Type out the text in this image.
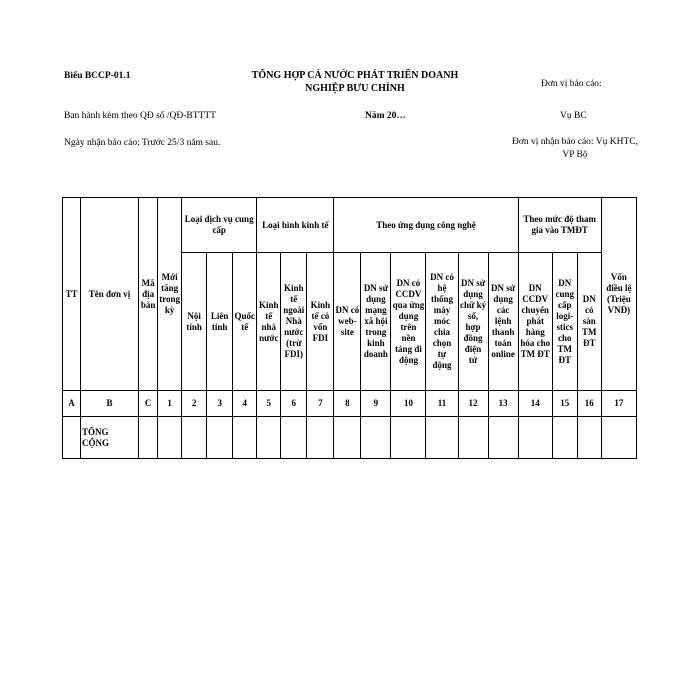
Biểu BCCP-01.1	TỔNG HỢP CẢ NƯỚC PHÁT TRIỂN DOANH NGHIỆP BƯU CHÍNH	Đơn vị báo cáo:
Ban hành kèm theo QĐ số /QĐ-BTTTT	Năm 20…	Vụ BC
Ngày nhận báo cáo: Trước 25/3 năm sau.	Đơn vị nhận báo cáo: Vụ KHTC, VP Bộ
TT	Tên đơn vị	Mã địa bàn	Mới tăng trong kỳ	Loại dịch vụ cung cấp			Loại hình kinh tế			Theo ứng dụng công nghệ						Theo mức độ tham gia vào TMĐT			Vốn điều lệ (Triệu VNĐ)
				Nội tỉnh	Liên tỉnh	Quốc tế	Kinh tế nhà nước	Kinh tế ngoài Nhà nước (trừ FDI)	Kinh tế có vốn FDI	DN có web-site	DN sử dụng mạng xã hội trong kinh doanh	DN có CCDV qua ứng dụng trên nền tảng di động	DN có hệ thống máy móc chia chọn tự động	DN sử dụng chữ ký số, hợp đồng điện tử	DN sử dụng các lệnh thanh toán online	DN CCDV chuyển phát hàng hóa cho TM ĐT	DN cung cấp logi-stics cho TM ĐT	DN có sàn TM ĐT	
A	B	C	1	2	3	4	5	6	7	8	9	10	11	12	13	14	15	16	17
	TỔNG CỘNG																		
